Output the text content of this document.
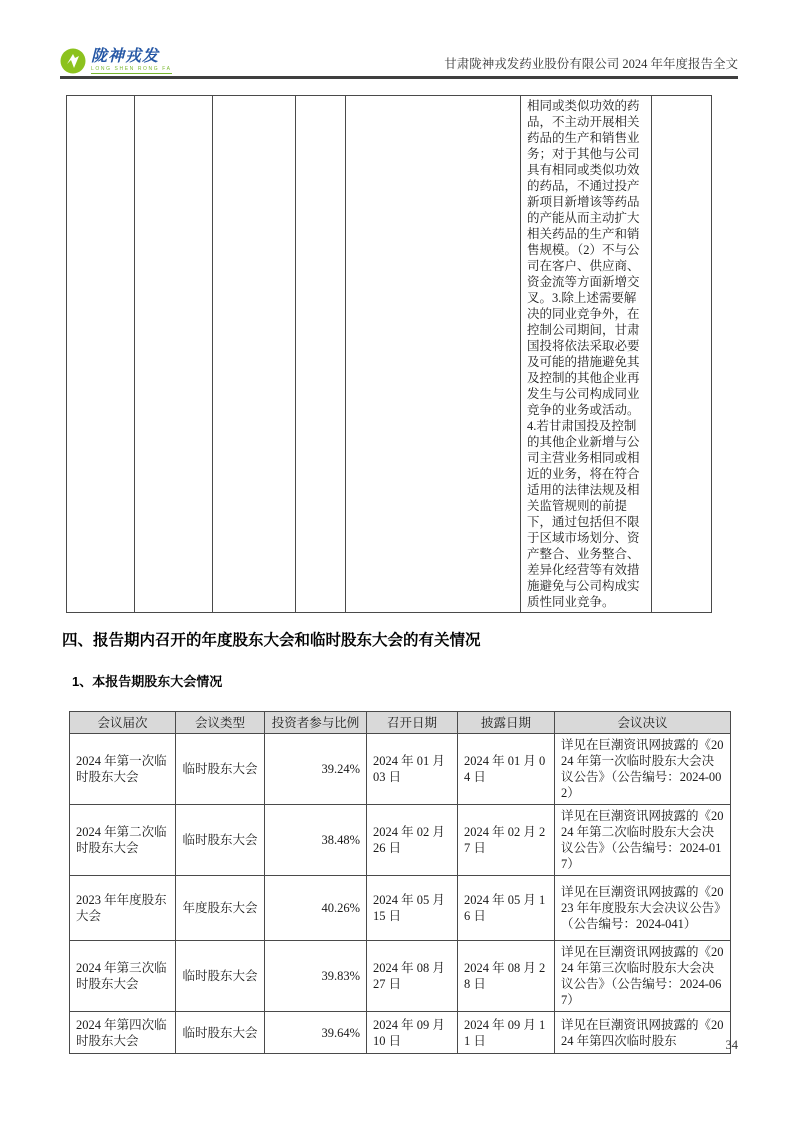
陇神戎发
LONG SHEN RONG FA	甘肃陇神戎发药业股份有限公司 2024 年年度报告全文
					相同或类似功效的药品，不主动开展相关药品的生产和销售业务；对于其他与公司具有相同或类似功效的药品，不通过投产新项目新增该等药品的产能从而主动扩大相关药品的生产和销售规模。（2）不与公司在客户、供应商、资金流等方面新增交叉。3.除上述需要解决的同业竞争外，在控制公司期间，甘肃国投将依法采取必要及可能的措施避免其及控制的其他企业再发生与公司构成同业竞争的业务或活动。4.若甘肃国投及控制的其他企业新增与公司主营业务相同或相近的业务，将在符合适用的法律法规及相关监管规则的前提下，通过包括但不限于区域市场划分、资产整合、业务整合、差异化经营等有效措施避免与公司构成实质性同业竞争。	
四、报告期内召开的年度股东大会和临时股东大会的有关情况
1、本报告期股东大会情况
会议届次	会议类型	投资者参与比例	召开日期	披露日期	会议决议
2024 年第一次临时股东大会	临时股东大会	39.24%	2024 年 01 月 03 日	2024 年 01 月 04 日	详见在巨潮资讯网披露的《2024 年第一次临时股东大会决议公告》（公告编号：2024-002）
2024 年第二次临时股东大会	临时股东大会	38.48%	2024 年 02 月 26 日	2024 年 02 月 27 日	详见在巨潮资讯网披露的《2024 年第二次临时股东大会决议公告》（公告编号：2024-017）
2023 年年度股东大会	年度股东大会	40.26%	2024 年 05 月 15 日	2024 年 05 月 16 日	详见在巨潮资讯网披露的《2023 年年度股东大会决议公告》（公告编号：2024-041）
2024 年第三次临时股东大会	临时股东大会	39.83%	2024 年 08 月 27 日	2024 年 08 月 28 日	详见在巨潮资讯网披露的《2024 年第三次临时股东大会决议公告》（公告编号：2024-067）
2024 年第四次临时股东大会	临时股东大会	39.64%	2024 年 09 月 10 日	2024 年 09 月 11 日	详见在巨潮资讯网披露的《2024 年第四次临时股东	34
